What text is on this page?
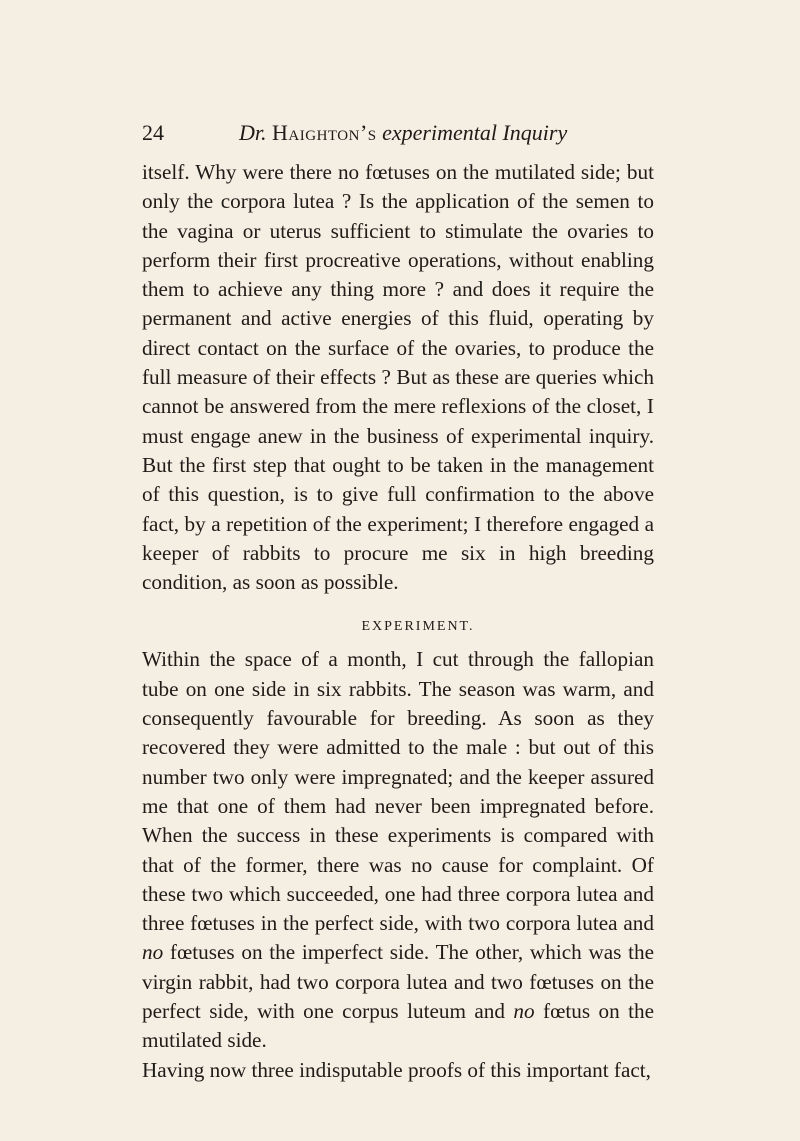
24	Dr. Haighton’s experimental Inquiry

itself. Why were there no fœtuses on the mutilated side; but only the corpora lutea ? Is the application of the semen to the vagina or uterus sufficient to stimulate the ovaries to perform their first procreative operations, without enabling them to achieve any thing more ? and does it require the permanent and active energies of this fluid, operating by direct contact on the surface of the ovaries, to produce the full measure of their effects ? But as these are queries which cannot be answered from the mere reflexions of the closet, I must engage anew in the business of experimental inquiry. But the first step that ought to be taken in the management of this question, is to give full confirmation to the above fact, by a repetition of the experiment; I therefore engaged a keeper of rabbits to procure me six in high breeding condition, as soon as possible.

EXPERIMENT.

Within the space of a month, I cut through the fallopian tube on one side in six rabbits. The season was warm, and consequently favourable for breeding. As soon as they recovered they were admitted to the male : but out of this number two only were impregnated; and the keeper assured me that one of them had never been impregnated before. When the success in these experiments is compared with that of the former, there was no cause for complaint. Of these two which succeeded, one had three corpora lutea and three fœtuses in the perfect side, with two corpora lutea and no fœtuses on the imperfect side. The other, which was the virgin rabbit, had two corpora lutea and two fœtuses on the perfect side, with one corpus luteum and no fœtus on the mutilated side.

Having now three indisputable proofs of this important fact,
